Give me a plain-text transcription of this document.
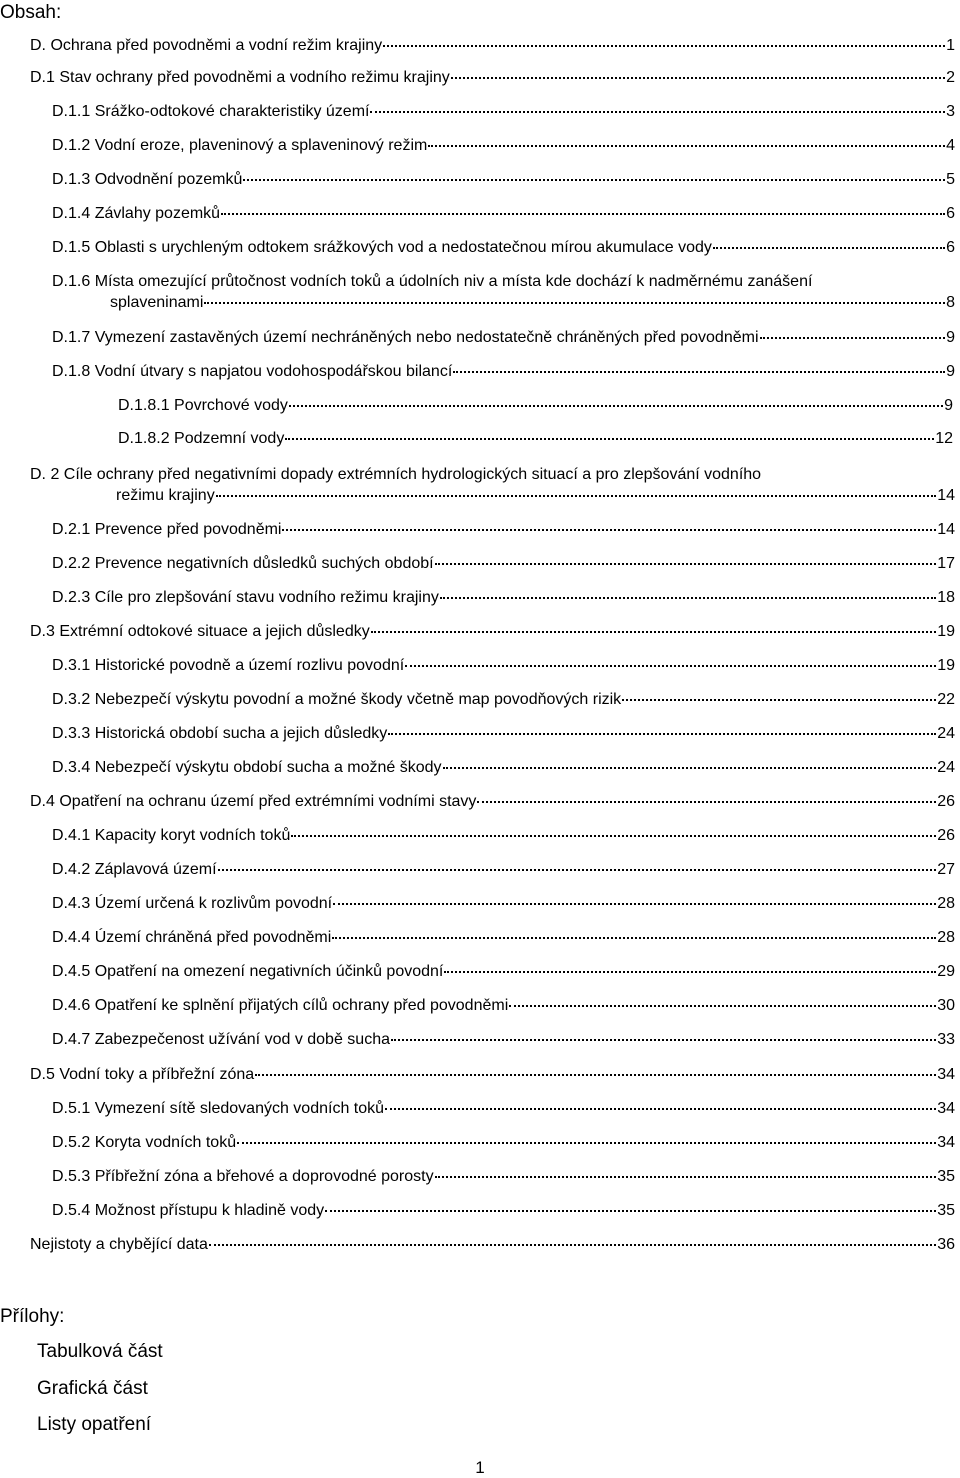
Obsah:
D. Ochrana před povodněmi a vodní režim krajiny	1
D.1 Stav ochrany před povodněmi a vodního režimu krajiny	2
D.1.1 Srážko-odtokové charakteristiky území	3
D.1.2 Vodní eroze, plaveninový a splaveninový režim	4
D.1.3 Odvodnění pozemků	5
D.1.4 Závlahy pozemků	6
D.1.5 Oblasti s urychleným odtokem srážkových vod a nedostatečnou mírou akumulace vody	6
D.1.6 Místa omezující průtočnost vodních toků a údolních niv a místa kde dochází k nadměrnému zanášení
splaveninami	8
D.1.7 Vymezení zastavěných území nechráněných nebo nedostatečně chráněných před povodněmi	9
D.1.8 Vodní útvary s napjatou vodohospodářskou bilancí	9
D.1.8.1 Povrchové vody	9
D.1.8.2 Podzemní vody	12
D. 2 Cíle ochrany před negativními dopady extrémních hydrologických situací a pro zlepšování vodního
režimu krajiny	14
D.2.1 Prevence před povodněmi	14
D.2.2 Prevence negativních důsledků suchých období	17
D.2.3 Cíle pro zlepšování stavu vodního režimu krajiny	18
D.3 Extrémní odtokové situace a jejich důsledky	19
D.3.1 Historické povodně a území rozlivu povodní	19
D.3.2 Nebezpečí výskytu povodní a možné škody včetně map povodňových rizik	22
D.3.3 Historická období sucha a jejich důsledky	24
D.3.4 Nebezpečí výskytu období sucha a možné škody	24
D.4 Opatření na ochranu území před extrémními vodními stavy	26
D.4.1 Kapacity koryt vodních toků	26
D.4.2 Záplavová území	27
D.4.3 Území určená k rozlivům povodní	28
D.4.4 Území chráněná před povodněmi	28
D.4.5 Opatření na omezení negativních účinků povodní	29
D.4.6 Opatření ke splnění přijatých cílů ochrany před povodněmi	30
D.4.7 Zabezpečenost užívání vod v době sucha	33
D.5 Vodní toky a příbřežní zóna	34
D.5.1 Vymezení sítě sledovaných vodních toků	34
D.5.2 Koryta vodních toků	34
D.5.3 Příbřežní zóna a břehové a doprovodné porosty	35
D.5.4 Možnost přístupu k hladině vody	35
Nejistoty a chybějící data	36
Přílohy:
Tabulková část
Grafická část
Listy opatření
1
